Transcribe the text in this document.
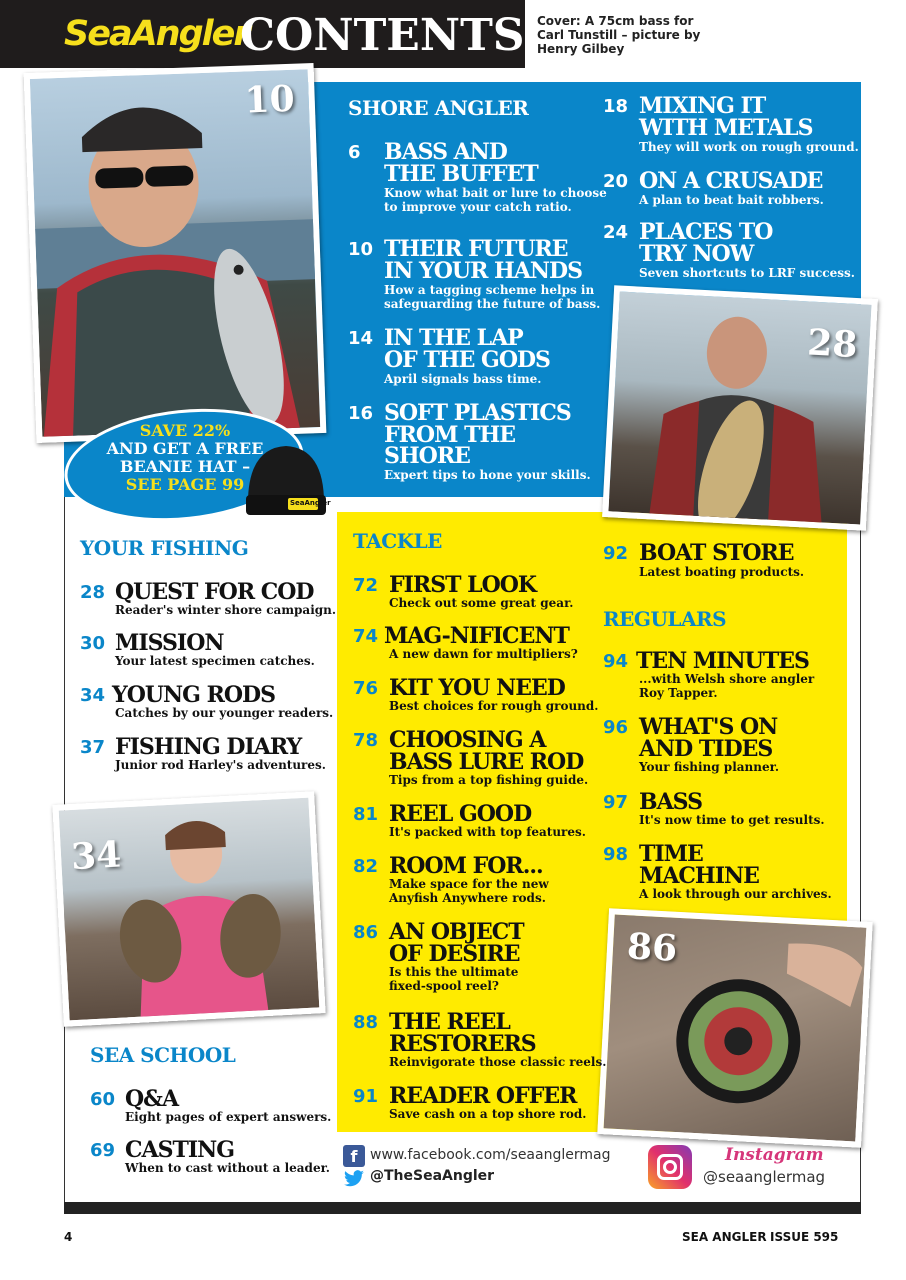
SeaAngler
CONTENTS Cover: A 75cm bass for
Carl Tunstill – picture by
Henry Gilbey
10
SAVE 22%
AND GET A FREE
BEANIE HAT –
SEE PAGE 99
SeaAngler
28
34
86
SHORE ANGLER
6 BASS AND
THE BUFFET
Know what bait or lure to choose
to improve your catch ratio.
10 THEIR FUTURE
IN YOUR HANDS
How a tagging scheme helps in
safeguarding the future of bass.
14 IN THE LAP
OF THE GODS
April signals bass time.
16 SOFT PLASTICS
FROM THE
SHORE
Expert tips to hone your skills.
18 MIXING IT
WITH METALS
They will work on rough ground.
20 ON A CRUSADE
A plan to beat bait robbers.
24 PLACES TO
TRY NOW
Seven shortcuts to LRF success.
YOUR FISHING
28 QUEST FOR COD
Reader's winter shore campaign.
30 MISSION
Your latest specimen catches.
34 YOUNG RODS
Catches by our younger readers.
37 FISHING DIARY
Junior rod Harley's adventures.
SEA SCHOOL
60 Q&A
Eight pages of expert answers.
69 CASTING
When to cast without a leader.
TACKLE
72 FIRST LOOK
Check out some great gear.
74 MAG-NIFICENT
A new dawn for multipliers?
76 KIT YOU NEED
Best choices for rough ground.
78 CHOOSING A
BASS LURE ROD
Tips from a top fishing guide.
81 REEL GOOD
It's packed with top features.
82 ROOM FOR...
Make space for the new
Anyfish Anywhere rods.
86 AN OBJECT
OF DESIRE
Is this the ultimate
fixed-spool reel?
88 THE REEL
RESTORERS
Reinvigorate those classic reels.
91 READER OFFER
Save cash on a top shore rod.
92 BOAT STORE
Latest boating products.
REGULARS
94 TEN MINUTES
...with Welsh shore angler
Roy Tapper.
96 WHAT'S ON
AND TIDES
Your fishing planner.
97 BASS
It's now time to get results.
98 TIME
MACHINE
A look through our archives.
f www.facebook.com/seaanglermag
@TheSeaAngler
Instagram
@seaanglermag
4	SEA ANGLER ISSUE 595
